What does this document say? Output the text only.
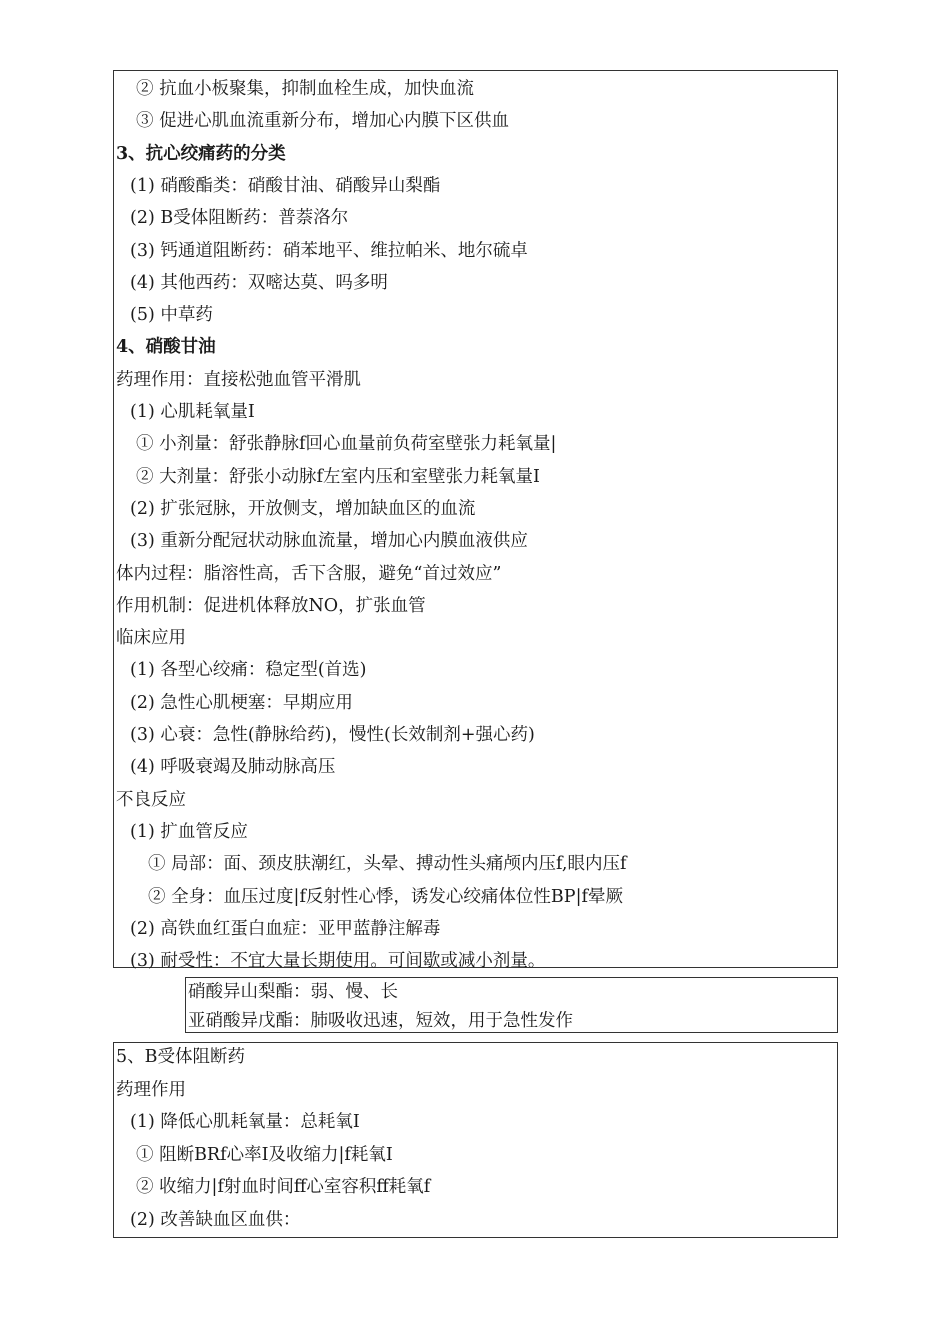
② 抗血小板聚集，抑制血栓生成，加快血流
③ 促进心肌血流重新分布，增加心内膜下区供血
3、抗心绞痛药的分类
(1) 硝酸酯类：硝酸甘油、硝酸异山梨酯
(2) B受体阻断药：普萘洛尔
(3) 钙通道阻断药：硝苯地平、维拉帕米、地尔硫卓
(4) 其他西药：双嘧达莫、吗多明
(5) 中草药
4、硝酸甘油
药理作用：直接松弛血管平滑肌
(1) 心肌耗氧量I
① 小剂量：舒张静脉f回心血量前负荷室壁张力耗氧量|
② 大剂量：舒张小动脉f左室内压和室壁张力耗氧量I
(2) 扩张冠脉，开放侧支，增加缺血区的血流
(3) 重新分配冠状动脉血流量，增加心内膜血液供应
体内过程：脂溶性高，舌下含服，避免“首过效应”
作用机制：促进机体释放NO，扩张血管
临床应用
(1) 各型心绞痛：稳定型(首选)
(2) 急性心肌梗塞：早期应用
(3) 心衰：急性(静脉给药)，慢性(长效制剂+强心药)
(4) 呼吸衰竭及肺动脉高压
不良反应
(1) 扩血管反应
① 局部：面、颈皮肤潮红，头晕、搏动性头痛颅内压f,眼内压f
② 全身：血压过度|f反射性心悸，诱发心绞痛体位性BP|f晕厥
(2) 高铁血红蛋白血症：亚甲蓝静注解毒
(3) 耐受性：不宜大量长期使用。可间歇或减小剂量。
硝酸异山梨酯：弱、慢、长
亚硝酸异戊酯：肺吸收迅速，短效，用于急性发作
5、B受体阻断药
药理作用
(1) 降低心肌耗氧量：总耗氧I
① 阻断BRf心率I及收缩力|f耗氧I
② 收缩力|f射血时间ff心室容积ff耗氧f
(2) 改善缺血区血供：
